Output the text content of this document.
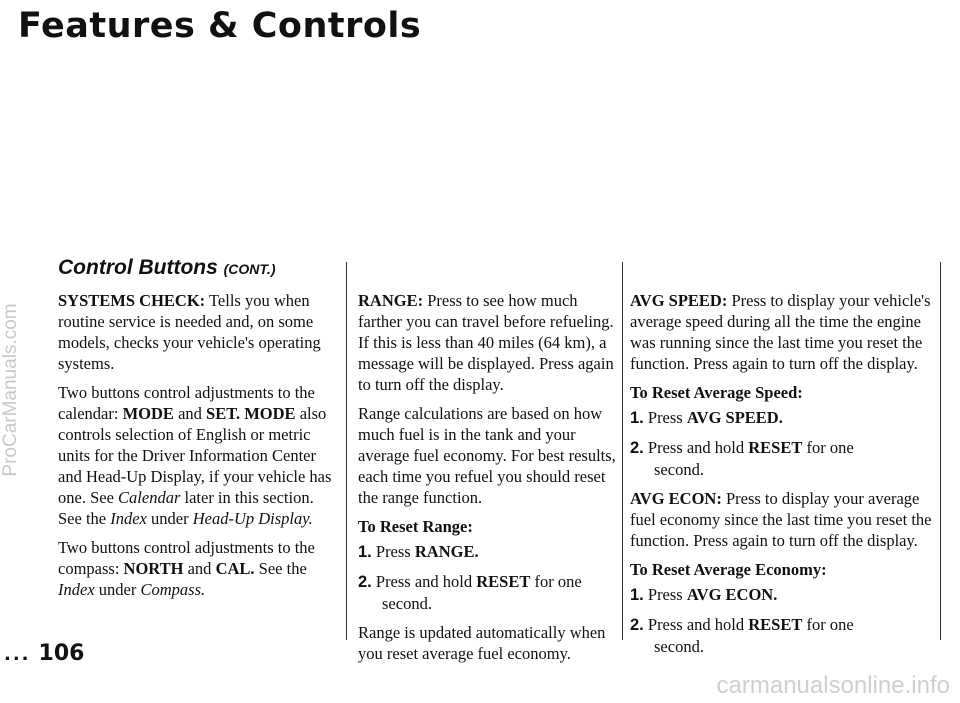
Features & Controls
ProCarManuals.com
Control Buttons (CONT.)

SYSTEMS CHECK: Tells you when routine service is needed and, on some models, checks your vehicle's operating systems.

Two buttons control adjustments to the calendar: MODE and SET. MODE also controls selection of English or metric units for the Driver Information Center and Head-Up Display, if your vehicle has one. See Calendar later in this section. See the Index under Head-Up Display.

Two buttons control adjustments to the compass: NORTH and CAL. See the Index under Compass.

RANGE: Press to see how much farther you can travel before refueling. If this is less than 40 miles (64 km), a message will be displayed. Press again to turn off the display.

Range calculations are based on how much fuel is in the tank and your average fuel economy. For best results, each time you refuel you should reset the range function.

To Reset Range:

1. Press RANGE.

2. Press and hold RESET for one
second.

Range is updated automatically when you reset average fuel economy.

AVG SPEED: Press to display your vehicle's average speed during all the time the engine was running since the last time you reset the function. Press again to turn off the display.

To Reset Average Speed:

1. Press AVG SPEED.

2. Press and hold RESET for one
second.

AVG ECON: Press to display your average fuel economy since the last time you reset the function. Press again to turn off the display.

To Reset Average Economy:

1. Press AVG ECON.

2. Press and hold RESET for one
second.

... 106
carmanualsonline.info
